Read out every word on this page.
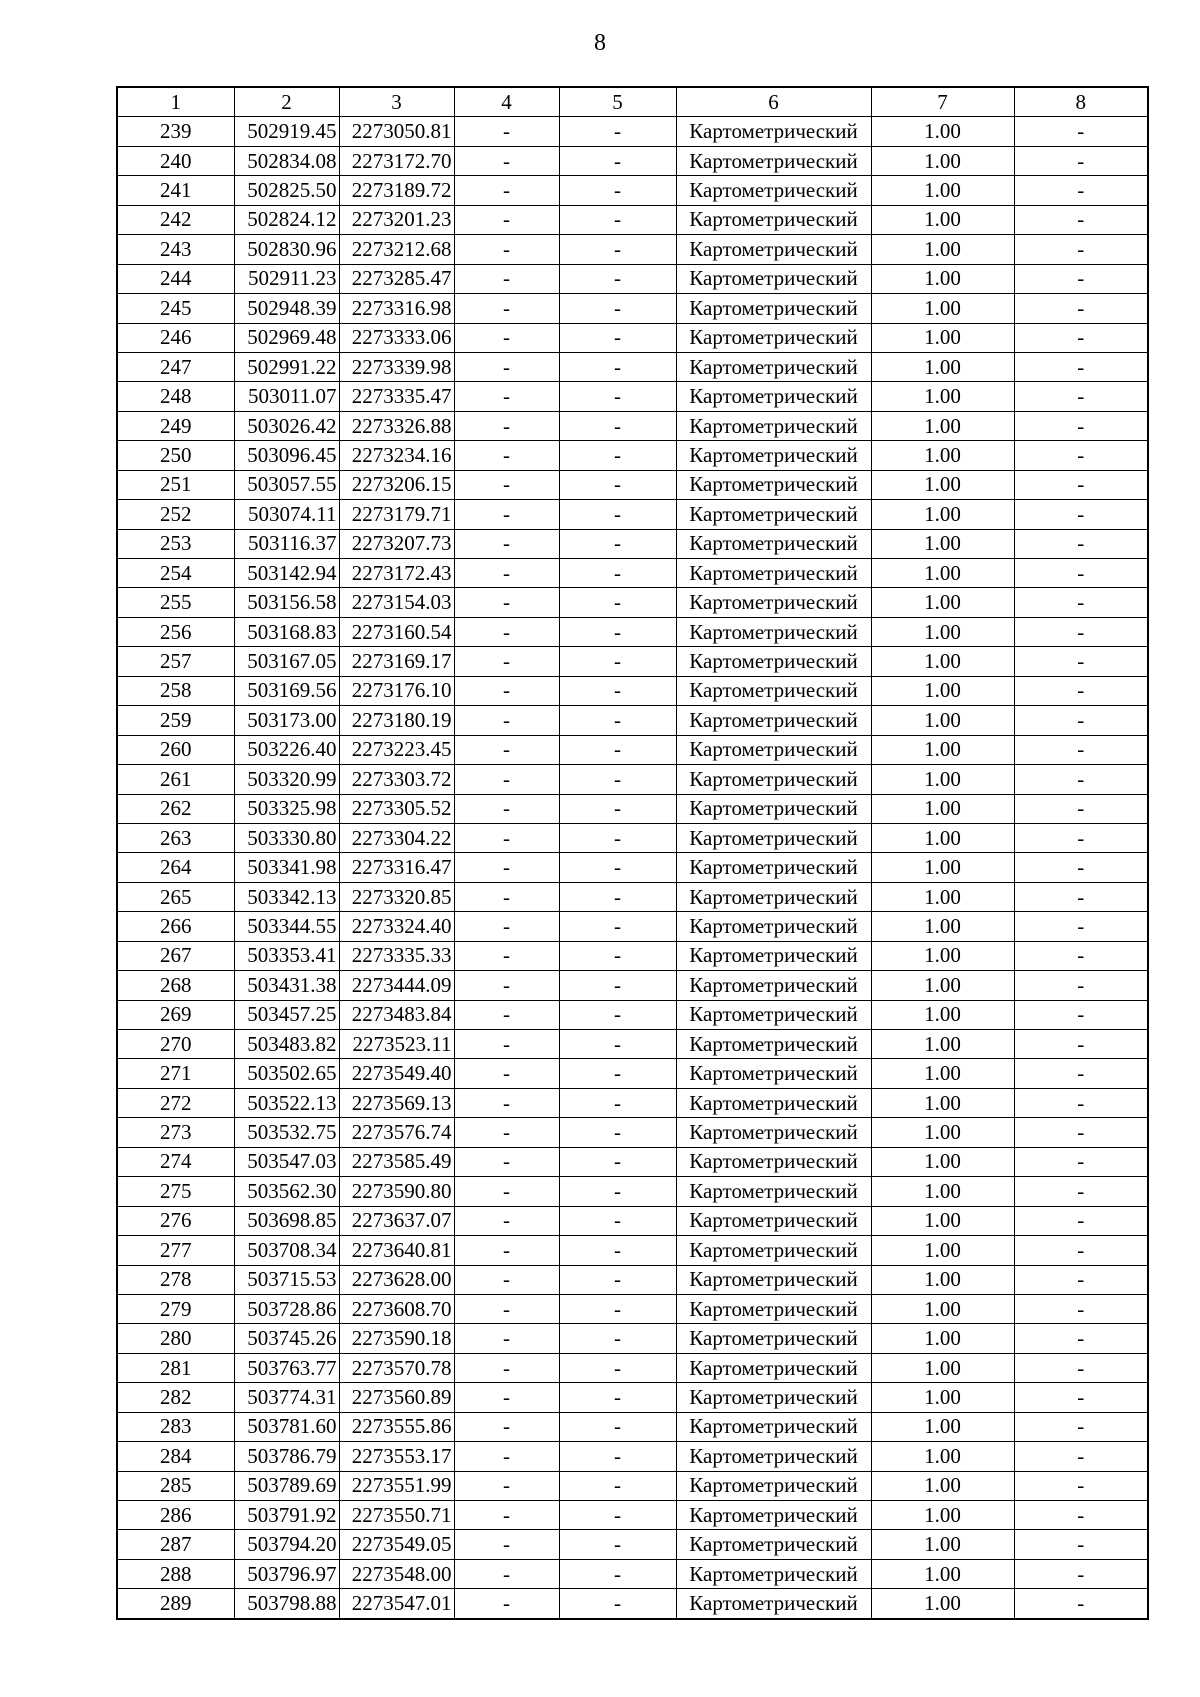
8
1	2	3	4	5	6	7	8
239	502919.45	2273050.81	-	-	Картометрический	1.00	-
240	502834.08	2273172.70	-	-	Картометрический	1.00	-
241	502825.50	2273189.72	-	-	Картометрический	1.00	-
242	502824.12	2273201.23	-	-	Картометрический	1.00	-
243	502830.96	2273212.68	-	-	Картометрический	1.00	-
244	502911.23	2273285.47	-	-	Картометрический	1.00	-
245	502948.39	2273316.98	-	-	Картометрический	1.00	-
246	502969.48	2273333.06	-	-	Картометрический	1.00	-
247	502991.22	2273339.98	-	-	Картометрический	1.00	-
248	503011.07	2273335.47	-	-	Картометрический	1.00	-
249	503026.42	2273326.88	-	-	Картометрический	1.00	-
250	503096.45	2273234.16	-	-	Картометрический	1.00	-
251	503057.55	2273206.15	-	-	Картометрический	1.00	-
252	503074.11	2273179.71	-	-	Картометрический	1.00	-
253	503116.37	2273207.73	-	-	Картометрический	1.00	-
254	503142.94	2273172.43	-	-	Картометрический	1.00	-
255	503156.58	2273154.03	-	-	Картометрический	1.00	-
256	503168.83	2273160.54	-	-	Картометрический	1.00	-
257	503167.05	2273169.17	-	-	Картометрический	1.00	-
258	503169.56	2273176.10	-	-	Картометрический	1.00	-
259	503173.00	2273180.19	-	-	Картометрический	1.00	-
260	503226.40	2273223.45	-	-	Картометрический	1.00	-
261	503320.99	2273303.72	-	-	Картометрический	1.00	-
262	503325.98	2273305.52	-	-	Картометрический	1.00	-
263	503330.80	2273304.22	-	-	Картометрический	1.00	-
264	503341.98	2273316.47	-	-	Картометрический	1.00	-
265	503342.13	2273320.85	-	-	Картометрический	1.00	-
266	503344.55	2273324.40	-	-	Картометрический	1.00	-
267	503353.41	2273335.33	-	-	Картометрический	1.00	-
268	503431.38	2273444.09	-	-	Картометрический	1.00	-
269	503457.25	2273483.84	-	-	Картометрический	1.00	-
270	503483.82	2273523.11	-	-	Картометрический	1.00	-
271	503502.65	2273549.40	-	-	Картометрический	1.00	-
272	503522.13	2273569.13	-	-	Картометрический	1.00	-
273	503532.75	2273576.74	-	-	Картометрический	1.00	-
274	503547.03	2273585.49	-	-	Картометрический	1.00	-
275	503562.30	2273590.80	-	-	Картометрический	1.00	-
276	503698.85	2273637.07	-	-	Картометрический	1.00	-
277	503708.34	2273640.81	-	-	Картометрический	1.00	-
278	503715.53	2273628.00	-	-	Картометрический	1.00	-
279	503728.86	2273608.70	-	-	Картометрический	1.00	-
280	503745.26	2273590.18	-	-	Картометрический	1.00	-
281	503763.77	2273570.78	-	-	Картометрический	1.00	-
282	503774.31	2273560.89	-	-	Картометрический	1.00	-
283	503781.60	2273555.86	-	-	Картометрический	1.00	-
284	503786.79	2273553.17	-	-	Картометрический	1.00	-
285	503789.69	2273551.99	-	-	Картометрический	1.00	-
286	503791.92	2273550.71	-	-	Картометрический	1.00	-
287	503794.20	2273549.05	-	-	Картометрический	1.00	-
288	503796.97	2273548.00	-	-	Картометрический	1.00	-
289	503798.88	2273547.01	-	-	Картометрический	1.00	-
